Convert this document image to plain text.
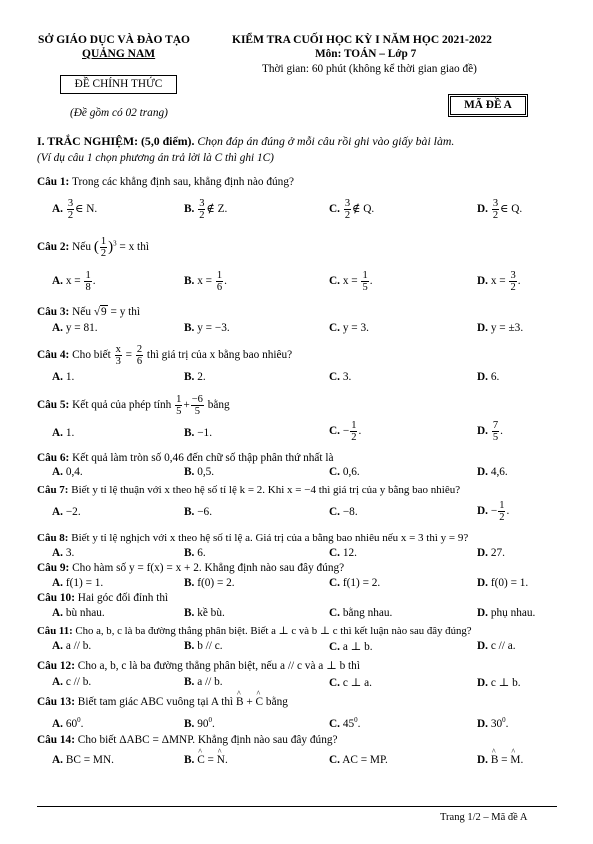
SỞ GIÁO DỤC VÀ ĐÀO TẠO
QUẢNG NAM
ĐỀ CHÍNH THỨC
(Đề gồm có 02 trang)
KIỂM TRA CUỐI HỌC KỲ I NĂM HỌC 2021-2022
Môn: TOÁN – Lớp 7
Thời gian: 60 phút (không kể thời gian giao đề)
MÃ ĐỀ A
I. TRẮC NGHIỆM: (5,0 điểm). Chọn đáp án đúng ở mỗi câu rồi ghi vào giấy bài làm.
(Ví dụ câu 1 chọn phương án trả lời là C thì ghi 1C)
Câu 1: Trong các khẳng định sau, khẳng định nào đúng?
A. $\frac{3}{2}$ ∈ N.	B. $\frac{3}{2}$ ∉ Z.	C. $\frac{3}{2}$ ∉ Q.	D. $\frac{3}{2}$ ∈ Q.
Câu 2: Nếu ( $\frac{1}{2} )^3 = x$ thì
A. $x = \frac{1}{8}$ .	B. $x = \frac{1}{6}$ .	C. $x = \frac{1}{5}$ .	D. $x = \frac{3}{2}$ .
Câu 3: Nếu √9 = y thì
A. y = 81.	B. y = −3.	C. y = 3.	D. y = ±3.
Câu 4: Cho biết $\frac{x}{3} = \frac{2}{6}$ thì giá trị của x bằng bao nhiêu?
A. 1.	B. 2.	C. 3.	D. 6.
Câu 5: Kết quả của phép tính $\frac{1}{5} + \frac{-6}{5}$ bằng
A. 1.	B. −1.	C. − $\frac{1}{2}$ .	D. $\frac{7}{5}$ .
Câu 6: Kết quả làm tròn số 0,46 đến chữ số thập phân thứ nhất là
A. 0,4.	B. 0,5.	C. 0,6.	D. 4,6.
Câu 7: Biết y tỉ lệ thuận với x theo hệ số tỉ lệ k = 2. Khi x = −4 thì giá trị của y bằng bao nhiêu?
A. −2.	B. −6.	C. −8.	D. − $\frac{1}{2}$ .
Câu 8: Biết y tỉ lệ nghịch với x theo hệ số tỉ lệ a. Giá trị của a bằng bao nhiêu nếu x = 3 thì y = 9?
A. 3.	B. 6.	C. 12.	D. 27.
Câu 9: Cho hàm số y = f(x) = x + 2. Khẳng định nào sau đây đúng?
A. f(1) = 1.	B. f(0) = 2.	C. f(1) = 2.	D. f(0) = 1.
Câu 10: Hai góc đối đỉnh thì
A. bù nhau.	B. kề bù.	C. bằng nhau.	D. phụ nhau.
Câu 11: Cho a, b, c là ba đường thẳng phân biệt. Biết a ⊥ c và b ⊥ c thì kết luận nào sau đây đúng?
A. a // b.	B. b // c.	C. a ⊥ b.	D. c // a.
Câu 12: Cho a, b, c là ba đường thẳng phân biệt, nếu a // c và a ⊥ b thì
A. c // b.	B. a // b.	C. c ⊥ a.	D. c ⊥ b.
Câu 13: Biết tam giác ABC vuông tại A thì ^ B + ^ C bằng
A. $60^0$.	B. $90^0$.	C. $45^0$.	D. $30^0$.
Câu 14: Cho biết ΔABC = ΔMNP. Khẳng định nào sau đây đúng?
A. BC = MN.	B. ^ C = ^ N.	C. AC = MP.	D. ^ B = ^ M.
Trang 1/2 – Mã đề A
